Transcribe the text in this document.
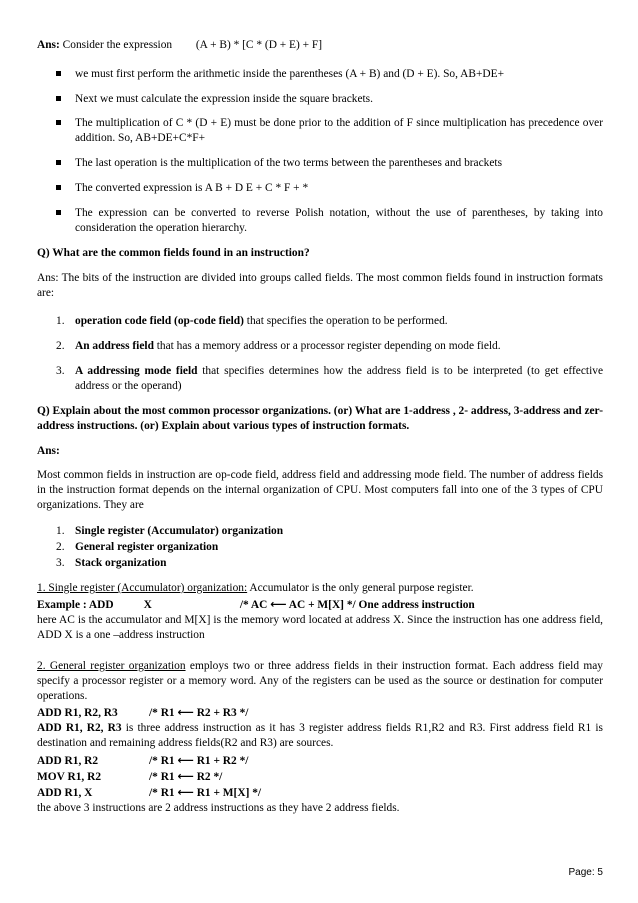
Ans: Consider the expression (A + B) * [C * (D + E) + F]
we must first perform the arithmetic inside the parentheses (A + B) and (D + E). So, AB+DE+
Next we must calculate the expression inside the square brackets.
The multiplication of C * (D + E) must be done prior to the addition of F since multiplication has precedence over addition. So, AB+DE+C*F+
The last operation is the multiplication of the two terms between the parentheses and brackets
The converted expression is A B + D E + C * F + *
The expression can be converted to reverse Polish notation, without the use of parentheses, by taking into consideration the operation hierarchy.
Q) What are the common fields found in an instruction?
Ans: The bits of the instruction are divided into groups called fields. The most common fields found in instruction formats are:
1. operation code field (op-code field) that specifies the operation to be performed.
2. An address field that has a memory address or a processor register depending on mode field.
3. A addressing mode field that specifies determines how the address field is to be interpreted (to get effective address or the operand)
Q) Explain about the most common processor organizations. (or) What are 1-address , 2- address, 3-address and zer-address instructions. (or) Explain about various types of instruction formats.
Ans:
Most common fields in instruction are op-code field, address field and addressing mode field. The number of address fields in the instruction format depends on the internal organization of CPU. Most computers fall into one of the 3 types of CPU organizations. They are
1. Single register (Accumulator) organization
2. General register organization
3. Stack organization
1. Single register (Accumulator) organization: Accumulator is the only general purpose register.
Example : ADD	X	/* AC ⟵ AC + M[X] */ One address instruction
here AC is the accumulator and M[X] is the memory word located at address X. Since the instruction has one address field, ADD X is a one –address instruction
2. General register organization employs two or three address fields in their instruction format. Each address field may specify a processor register or a memory word. Any of the registers can be used as the source or destination for computer operations.
ADD R1, R2, R3	/* R1 ⟵ R2 + R3 */
ADD R1, R2, R3 is three address instruction as it has 3 register address fields R1,R2 and R3. First address field R1 is destination and remaining address fields(R2 and R3) are sources.
ADD R1, R2	/* R1 ⟵ R1 + R2 */
MOV R1, R2	/* R1 ⟵ R2 */
ADD R1, X	/* R1 ⟵ R1 + M[X] */
the above 3 instructions are 2 address instructions as they have 2 address fields.
Page: 5
